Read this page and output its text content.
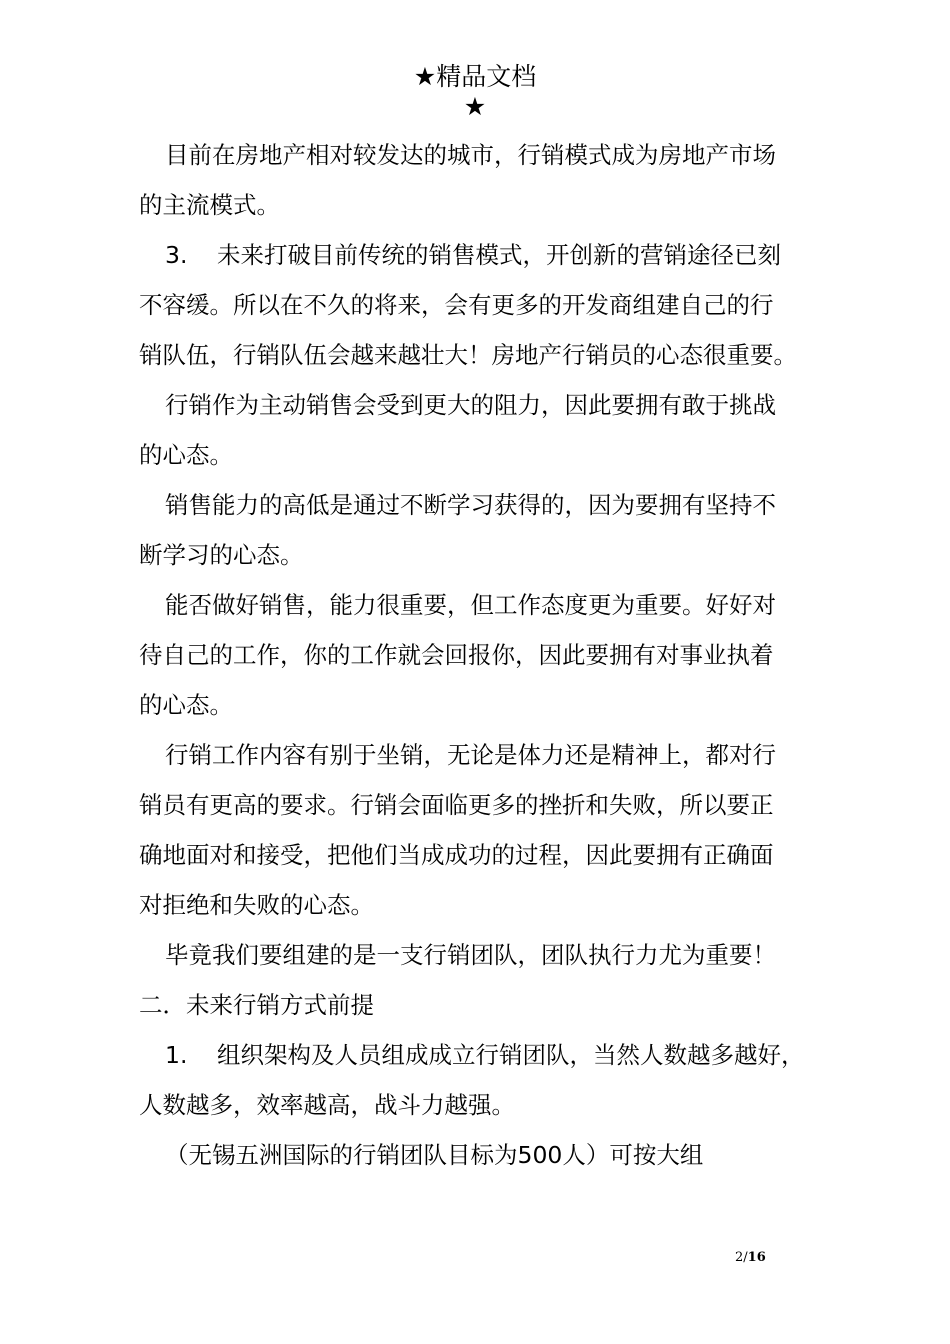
★精品文档
★

目前在房地产相对较发达的城市，行销模式成为房地产市场

的主流模式。

3. 未来打破目前传统的销售模式，开创新的营销途径已刻

不容缓。所以在不久的将来，会有更多的开发商组建自己的行

销队伍，行销队伍会越来越壮大！房地产行销员的心态很重要。

行销作为主动销售会受到更大的阻力，因此要拥有敢于挑战

的心态。

销售能力的高低是通过不断学习获得的，因为要拥有坚持不

断学习的心态。

能否做好销售，能力很重要，但工作态度更为重要。好好对

待自己的工作，你的工作就会回报你，因此要拥有对事业执着

的心态。

行销工作内容有别于坐销，无论是体力还是精神上，都对行

销员有更高的要求。行销会面临更多的挫折和失败，所以要正

确地面对和接受，把他们当成成功的过程，因此要拥有正确面

对拒绝和失败的心态。

毕竟我们要组建的是一支行销团队，团队执行力尤为重要！

二．未来行销方式前提

1. 组织架构及人员组成成立行销团队，当然人数越多越好，

人数越多，效率越高，战斗力越强。

（无锡五洲国际的行销团队目标为500人）可按大组

2/16
